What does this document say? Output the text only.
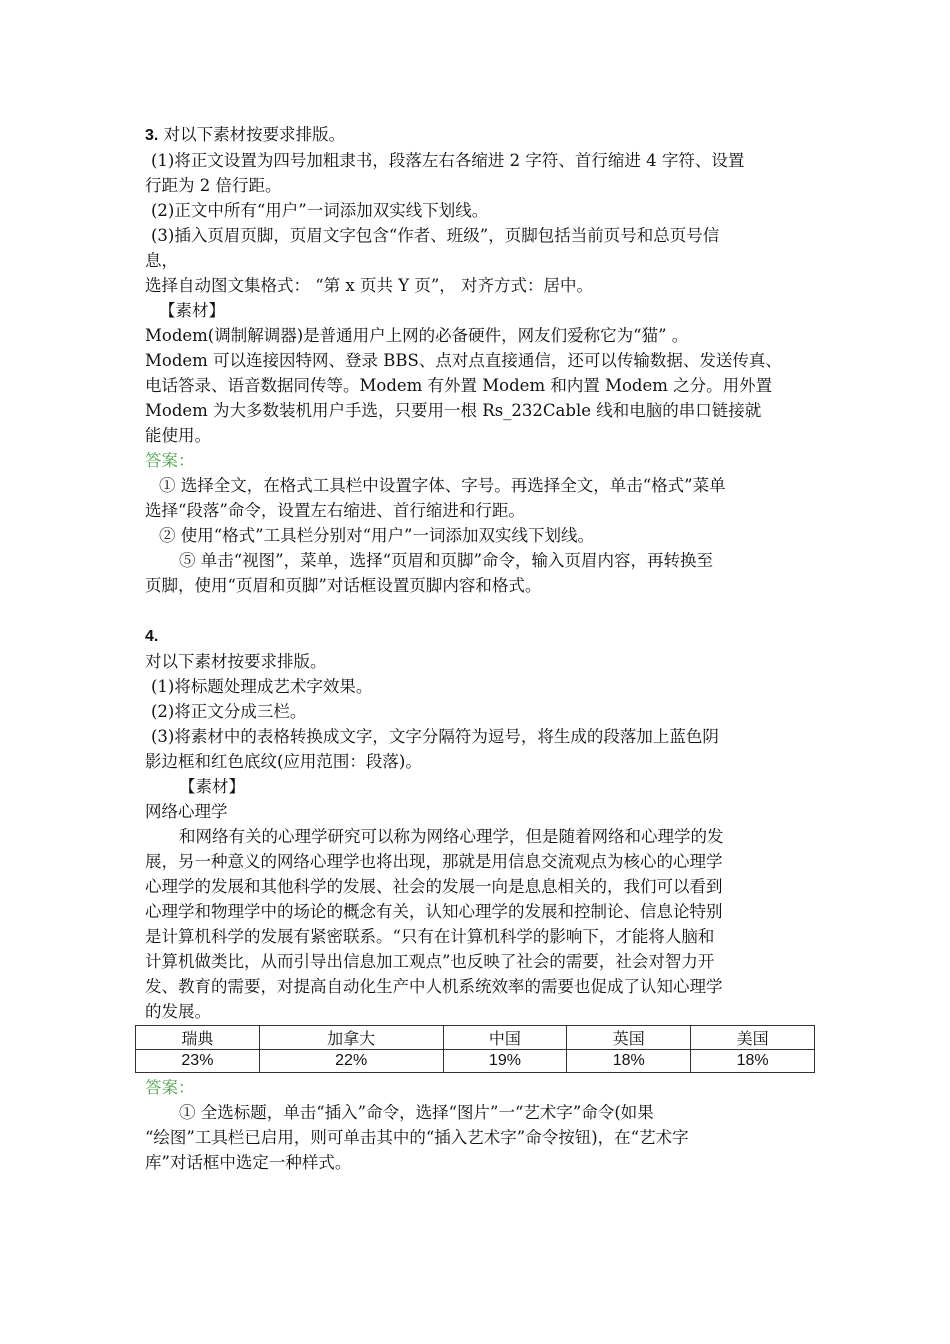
3. 对以下素材按要求排版。
(1)将正文设置为四号加粗隶书，段落左右各缩进 2 字符、首行缩进 4 字符、设置
行距为 2 倍行距。
(2)正文中所有“用户”一词添加双实线下划线。
(3)插入页眉页脚，页眉文字包含“作者、班级”，页脚包括当前页号和总页号信
息，
选择自动图文集格式： “第 x 页共 Y 页”， 对齐方式：居中。
【素材】
Modem(调制解调器)是普通用户上网的必备硬件，网友们爱称它为“猫” 。
Modem 可以连接因特网、登录 BBS、点对点直接通信，还可以传输数据、发送传真、
电话答录、语音数据同传等。Modem 有外置 Modem 和内置 Modem 之分。用外置
Modem 为大多数装机用户手选，只要用一根 Rs_232Cable 线和电脑的串口链接就
能使用。
答案：
① 选择全文，在格式工具栏中设置字体、字号。再选择全文，单击“格式”菜单
选择“段落”命令，设置左右缩进、首行缩进和行距。
② 使用“格式”工具栏分别对“用户”一词添加双实线下划线。
⑤ 单击“视图”，菜单，选择“页眉和页脚”命令，输入页眉内容，再转换至
页脚，使用“页眉和页脚”对话框设置页脚内容和格式。
4.
对以下素材按要求排版。
(1)将标题处理成艺术字效果。
(2)将正文分成三栏。
(3)将素材中的表格转换成文字，文字分隔符为逗号，将生成的段落加上蓝色阴
影边框和红色底纹(应用范围：段落)。
【素材】
网络心理学
和网络有关的心理学研究可以称为网络心理学，但是随着网络和心理学的发
展，另一种意义的网络心理学也将出现，那就是用信息交流观点为核心的心理学
心理学的发展和其他科学的发展、社会的发展一向是息息相关的，我们可以看到
心理学和物理学中的场论的概念有关，认知心理学的发展和控制论、信息论特别
是计算机科学的发展有紧密联系。“只有在计算机科学的影响下，才能将人脑和
计算机做类比，从而引导出信息加工观点”也反映了社会的需要，社会对智力开
发、教育的需要，对提高自动化生产中人机系统效率的需要也促成了认知心理学
的发展。
瑞典	加拿大	中国	英国	美国
23%	22%	19%	18%	18%
答案：
① 全选标题，单击“插入”命令，选择“图片”一“艺术字”命令(如果
“绘图”工具栏已启用，则可单击其中的“插入艺术字”命令按钮)，在“艺术字
库”对话框中选定一种样式。
